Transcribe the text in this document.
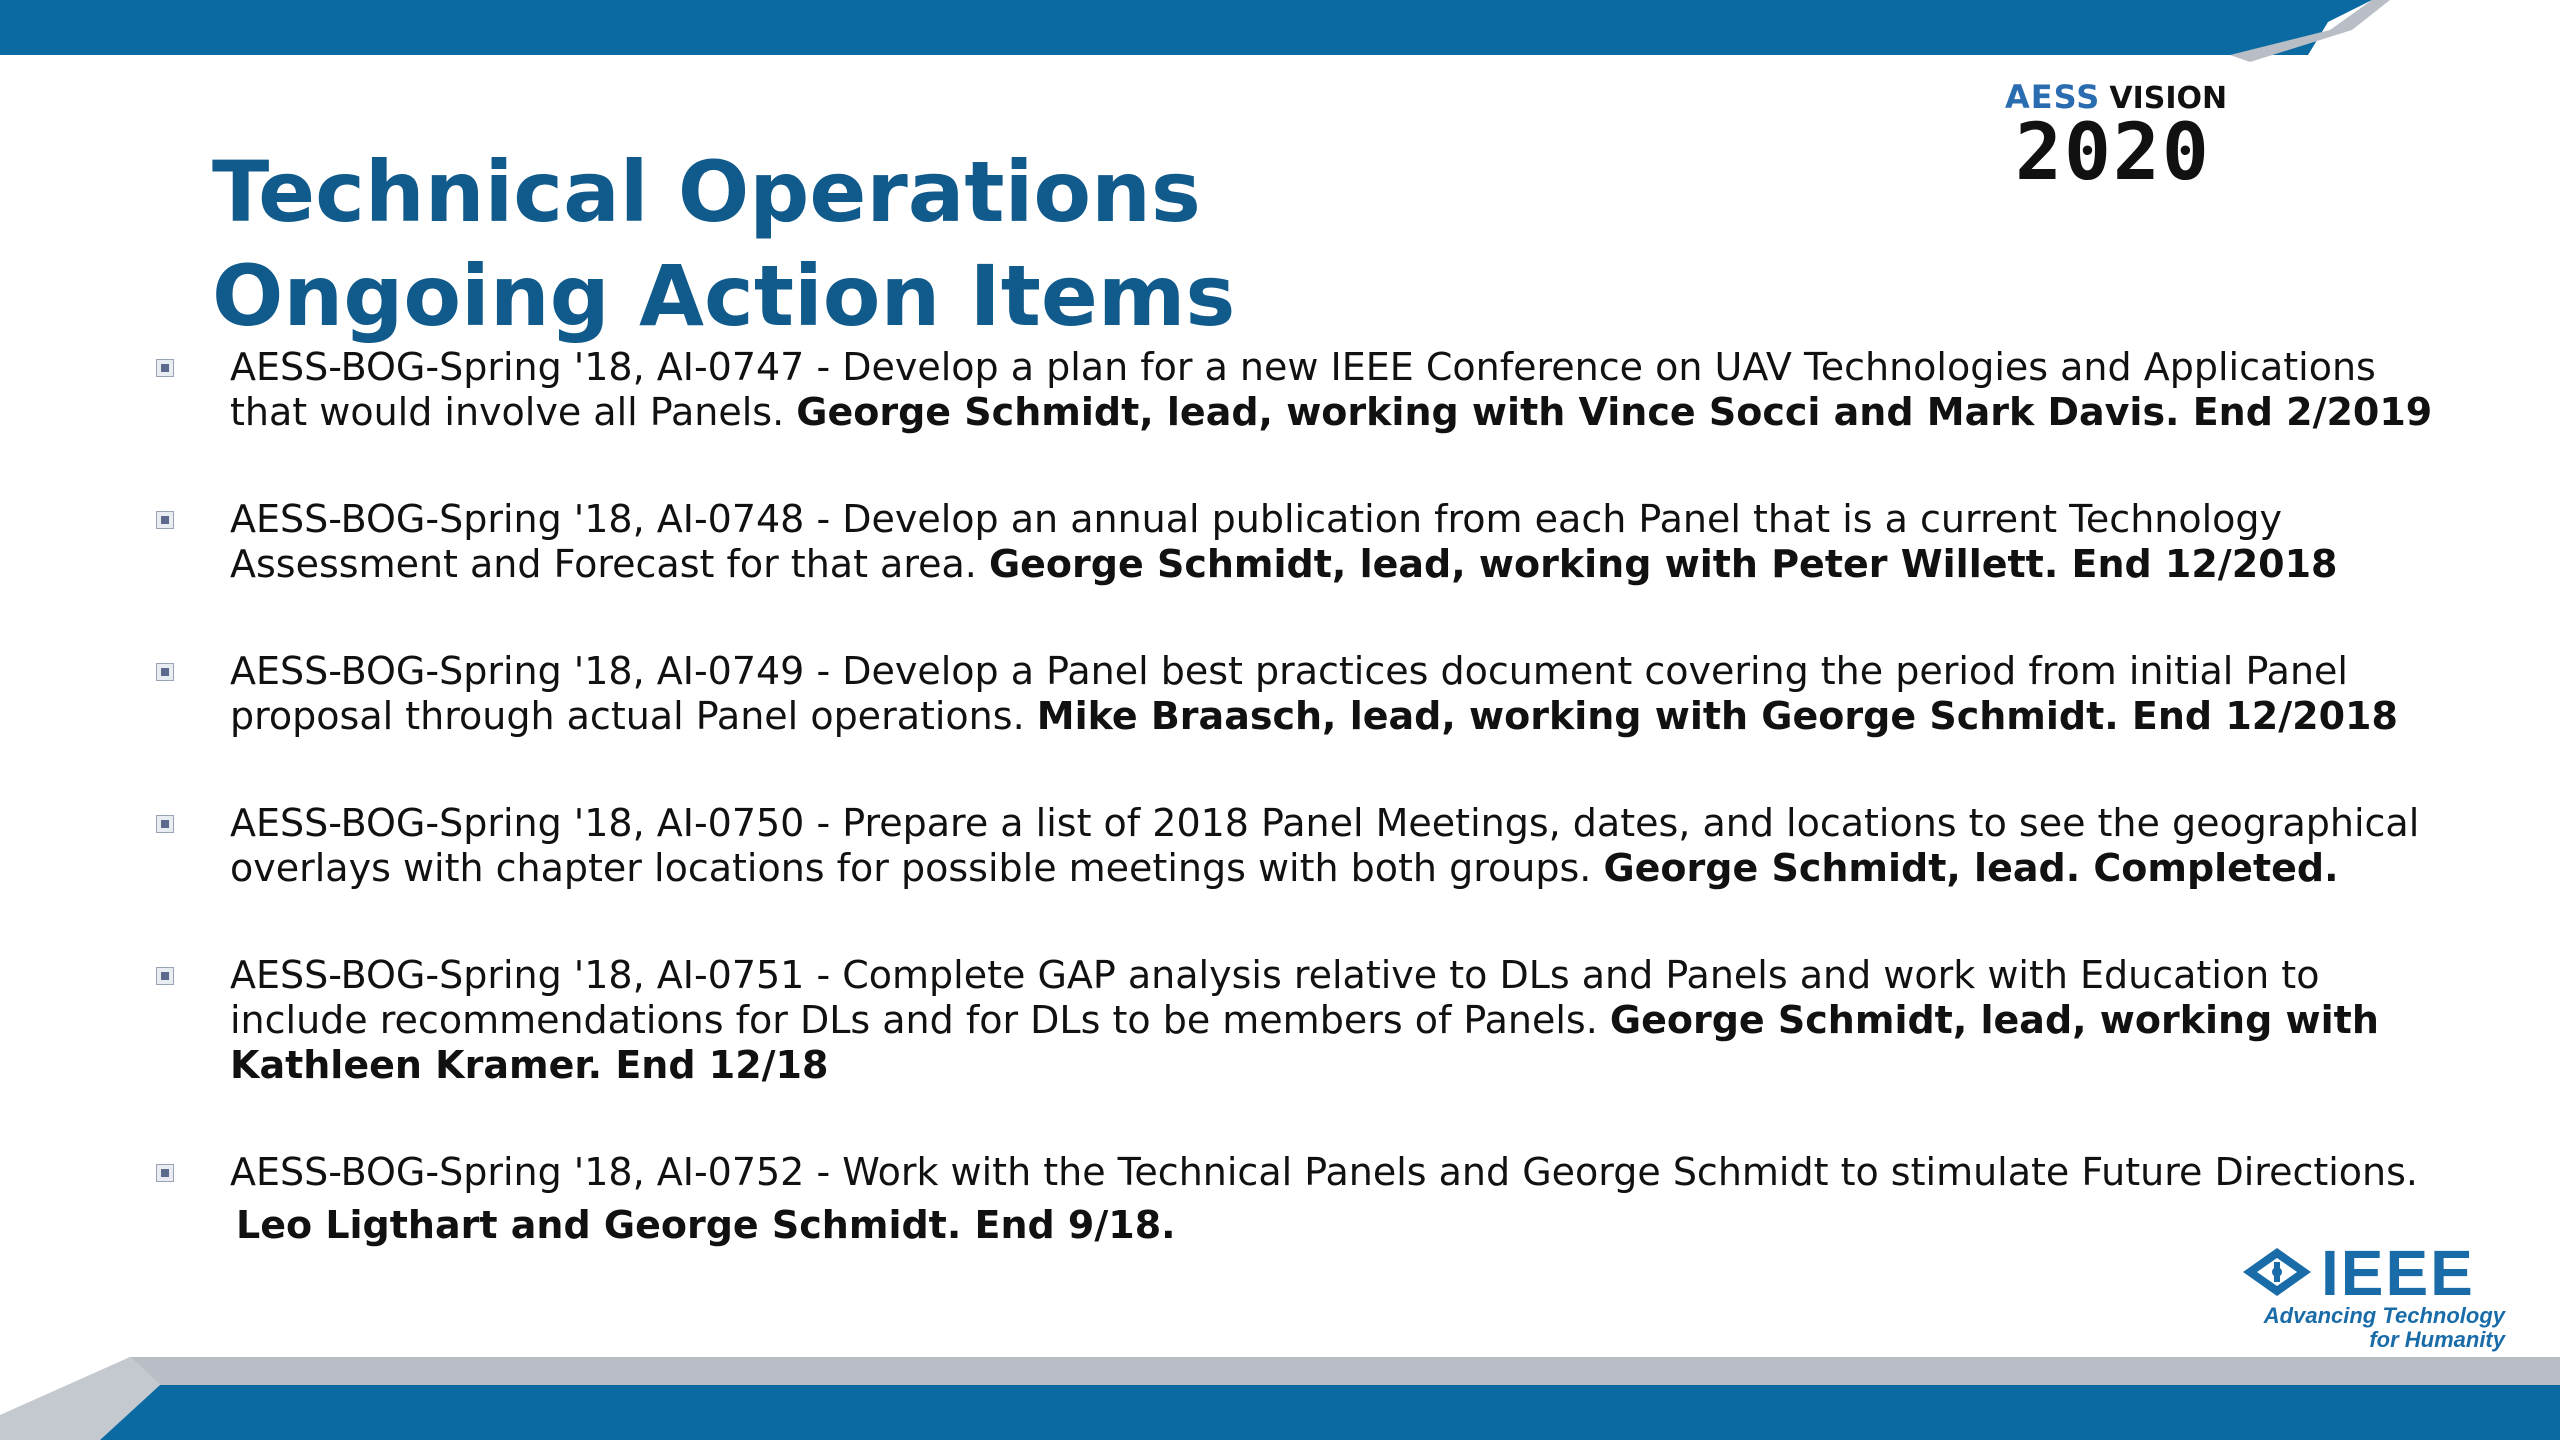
AESS VISION
2020
Technical Operations
Ongoing Action Items
AESS-BOG-Spring '18, AI-0747 - Develop a plan for a new IEEE Conference on UAV Technologies and Applications that would involve all Panels. George Schmidt, lead, working with Vince Socci and Mark Davis. End 2/2019
AESS-BOG-Spring '18, AI-0748 - Develop an annual publication from each Panel that is a current Technology Assessment and Forecast for that area. George Schmidt, lead, working with Peter Willett. End 12/2018
AESS-BOG-Spring '18, AI-0749 - Develop a Panel best practices document covering the period from initial Panel proposal through actual Panel operations. Mike Braasch, lead, working with George Schmidt. End 12/2018
AESS-BOG-Spring '18, AI-0750 - Prepare a list of 2018 Panel Meetings, dates, and locations to see the geographical overlays with chapter locations for possible meetings with both groups. George Schmidt, lead. Completed.
AESS-BOG-Spring '18, AI-0751 - Complete GAP analysis relative to DLs and Panels and work with Education to include recommendations for DLs and for DLs to be members of Panels. George Schmidt, lead, working with Kathleen Kramer. End 12/18
AESS-BOG-Spring '18, AI-0752 - Work with the Technical Panels and George Schmidt to stimulate Future Directions.
Leo Ligthart and George Schmidt. End 9/18.
IEEE
Advancing Technology
for Humanity
